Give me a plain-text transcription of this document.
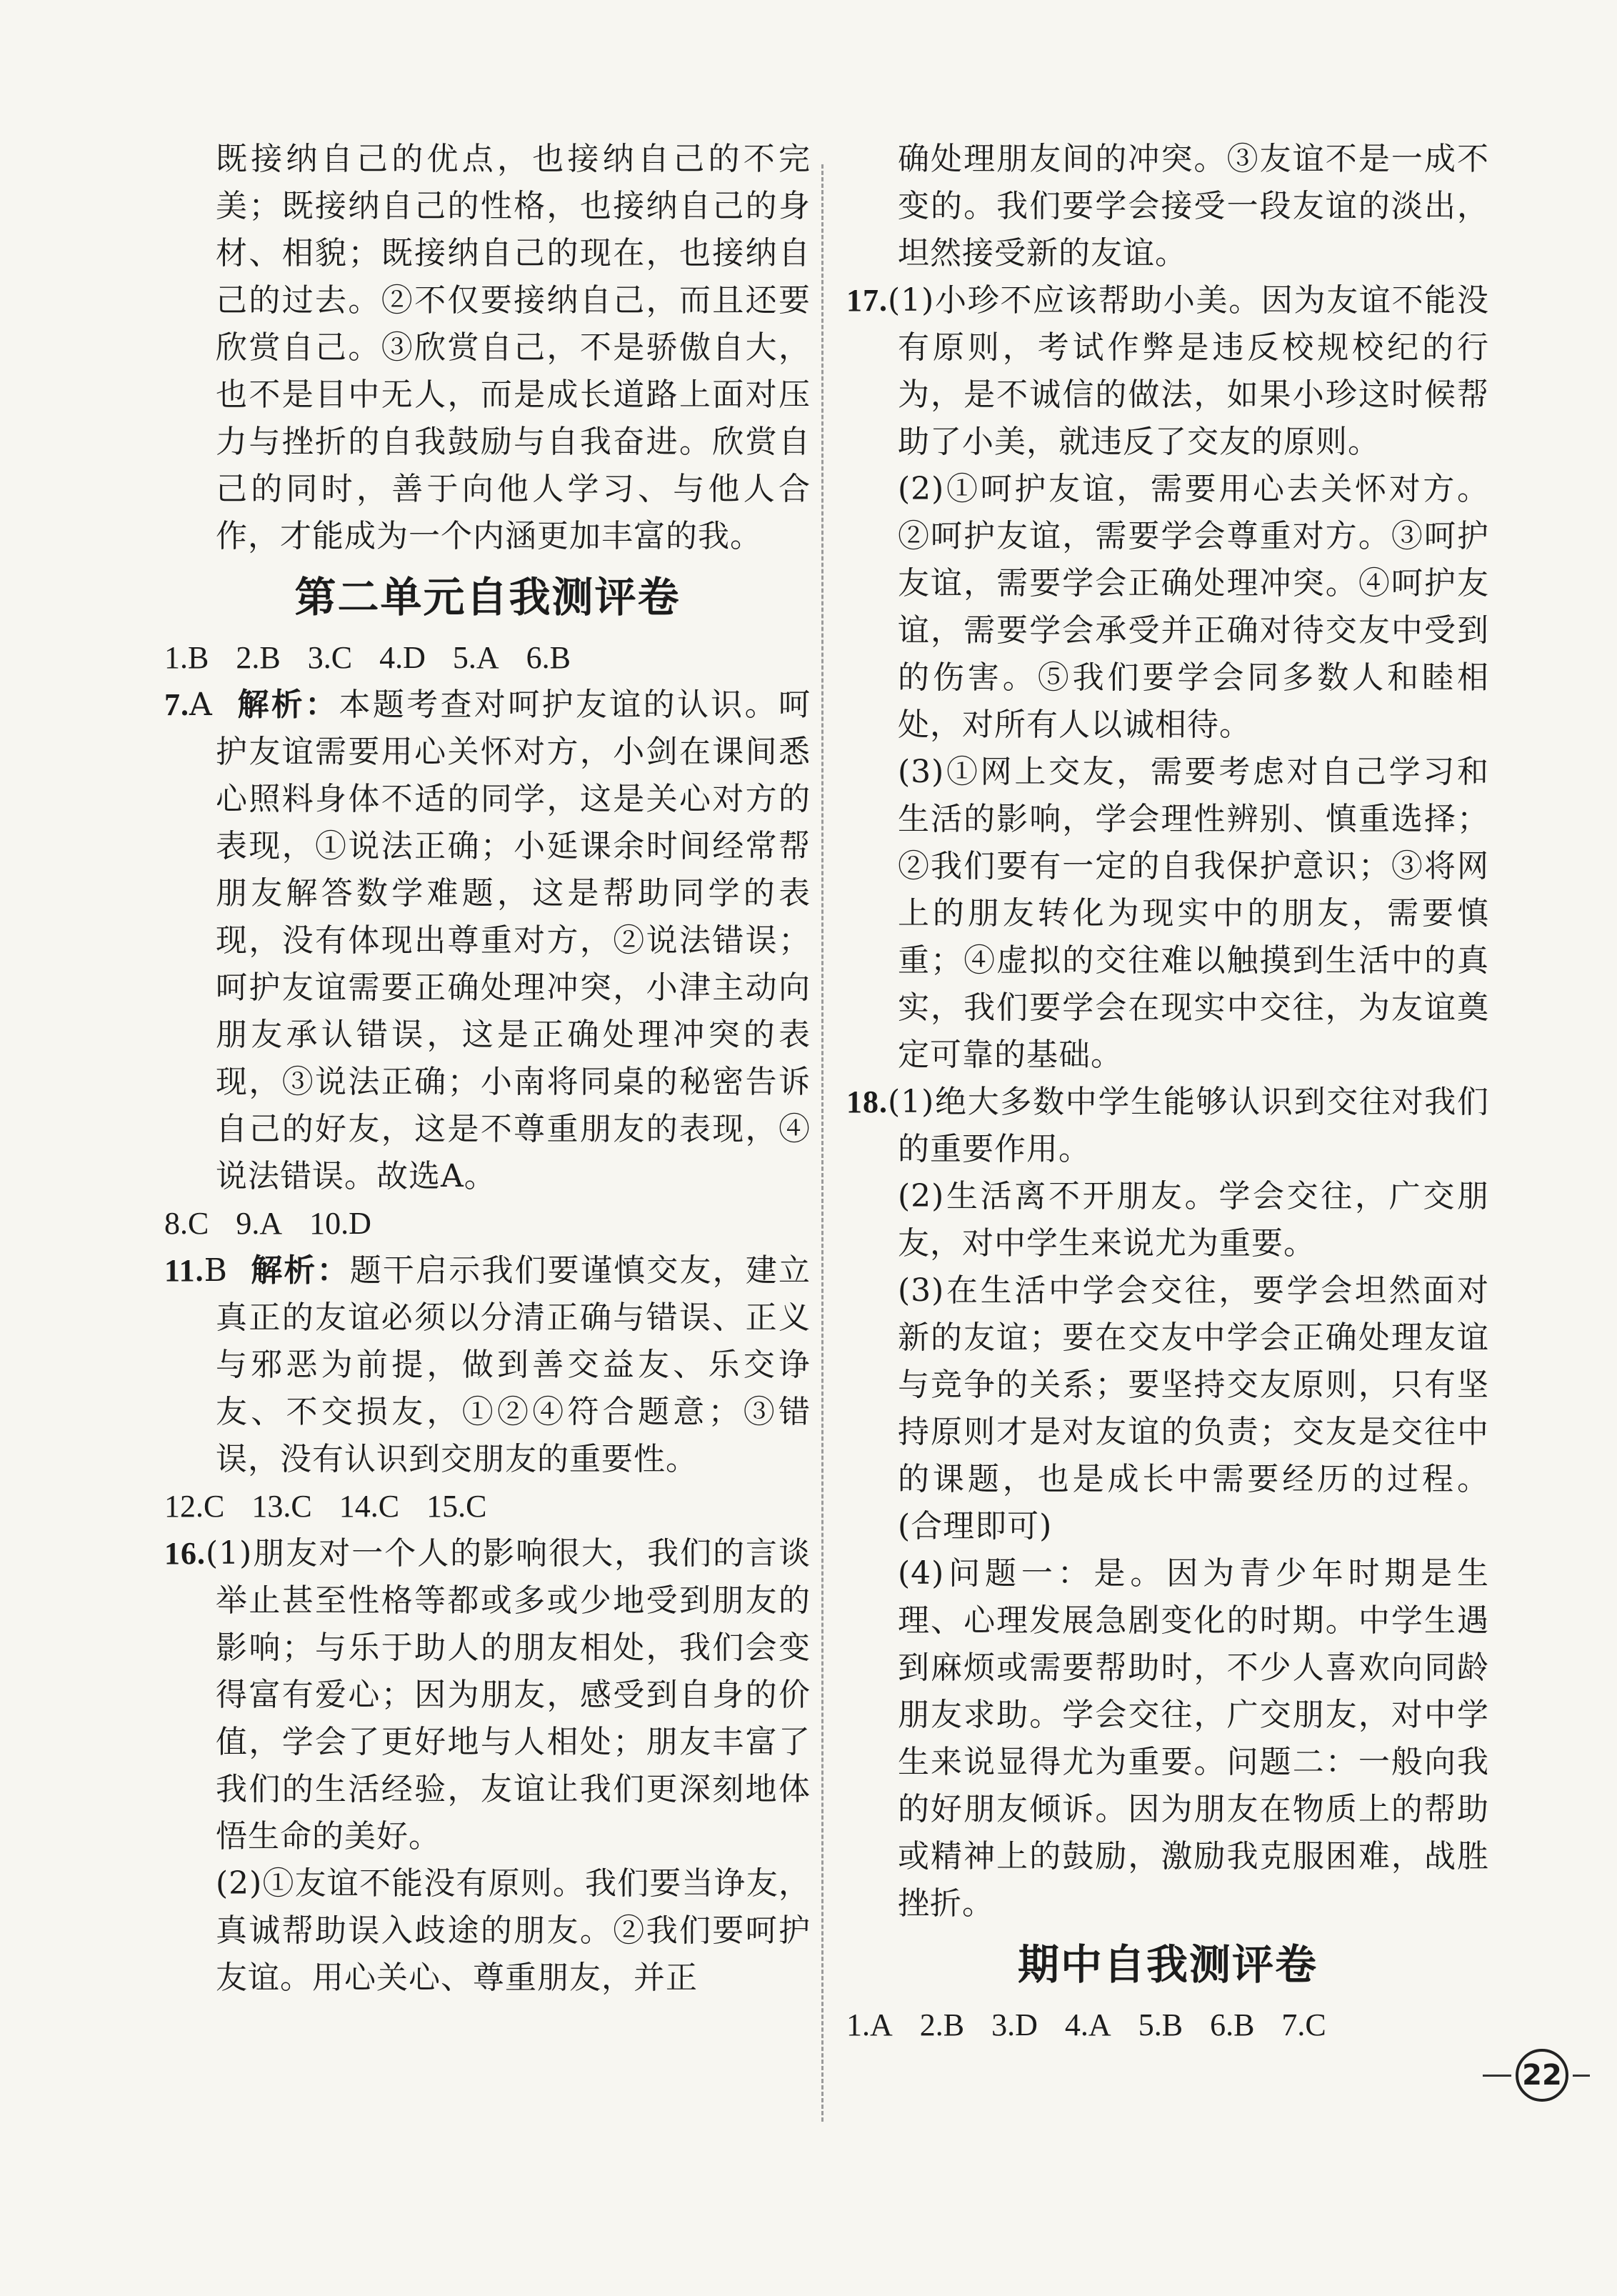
既接纳自己的优点，也接纳自己的不完美；既接纳自己的性格，也接纳自己的身材、相貌；既接纳自己的现在，也接纳自己的过去。②不仅要接纳自己，而且还要欣赏自己。③欣赏自己，不是骄傲自大，也不是目中无人，而是成长道路上面对压力与挫折的自我鼓励与自我奋进。欣赏自己的同时，善于向他人学习、与他人合作，才能成为一个内涵更加丰富的我。

第二单元自我测评卷

1.B 2.B 3.C 4.D 5.A 6.B

7.A 解析：本题考查对呵护友谊的认识。呵护友谊需要用心关怀对方，小剑在课间悉心照料身体不适的同学，这是关心对方的表现，①说法正确；小延课余时间经常帮朋友解答数学难题，这是帮助同学的表现，没有体现出尊重对方，②说法错误；呵护友谊需要正确处理冲突，小津主动向朋友承认错误，这是正确处理冲突的表现，③说法正确；小南将同桌的秘密告诉自己的好友，这是不尊重朋友的表现，④说法错误。故选A。

8.C 9.A 10.D

11.B 解析：题干启示我们要谨慎交友，建立真正的友谊必须以分清正确与错误、正义与邪恶为前提，做到善交益友、乐交诤友、不交损友，①②④符合题意；③错误，没有认识到交朋友的重要性。

12.C 13.C 14.C 15.C

16.(1)朋友对一个人的影响很大，我们的言谈举止甚至性格等都或多或少地受到朋友的影响；与乐于助人的朋友相处，我们会变得富有爱心；因为朋友，感受到自身的价值，学会了更好地与人相处；朋友丰富了我们的生活经验，友谊让我们更深刻地体悟生命的美好。

(2)①友谊不能没有原则。我们要当诤友，真诚帮助误入歧途的朋友。②我们要呵护友谊。用心关心、尊重朋友，并正

确处理朋友间的冲突。③友谊不是一成不变的。我们要学会接受一段友谊的淡出，坦然接受新的友谊。

17.(1)小珍不应该帮助小美。因为友谊不能没有原则，考试作弊是违反校规校纪的行为，是不诚信的做法，如果小珍这时候帮助了小美，就违反了交友的原则。

(2)①呵护友谊，需要用心去关怀对方。②呵护友谊，需要学会尊重对方。③呵护友谊，需要学会正确处理冲突。④呵护友谊，需要学会承受并正确对待交友中受到的伤害。⑤我们要学会同多数人和睦相处，对所有人以诚相待。

(3)①网上交友，需要考虑对自己学习和生活的影响，学会理性辨别、慎重选择；②我们要有一定的自我保护意识；③将网上的朋友转化为现实中的朋友，需要慎重；④虚拟的交往难以触摸到生活中的真实，我们要学会在现实中交往，为友谊奠定可靠的基础。

18.(1)绝大多数中学生能够认识到交往对我们的重要作用。

(2)生活离不开朋友。学会交往，广交朋友，对中学生来说尤为重要。

(3)在生活中学会交往，要学会坦然面对新的友谊；要在交友中学会正确处理友谊与竞争的关系；要坚持交友原则，只有坚持原则才是对友谊的负责；交友是交往中的课题，也是成长中需要经历的过程。(合理即可)

(4)问题一：是。因为青少年时期是生理、心理发展急剧变化的时期。中学生遇到麻烦或需要帮助时，不少人喜欢向同龄朋友求助。学会交往，广交朋友，对中学生来说显得尤为重要。问题二：一般向我的好朋友倾诉。因为朋友在物质上的帮助或精神上的鼓励，激励我克服困难，战胜挫折。

期中自我测评卷

1.A 2.B 3.D 4.A 5.B 6.B 7.C

22
